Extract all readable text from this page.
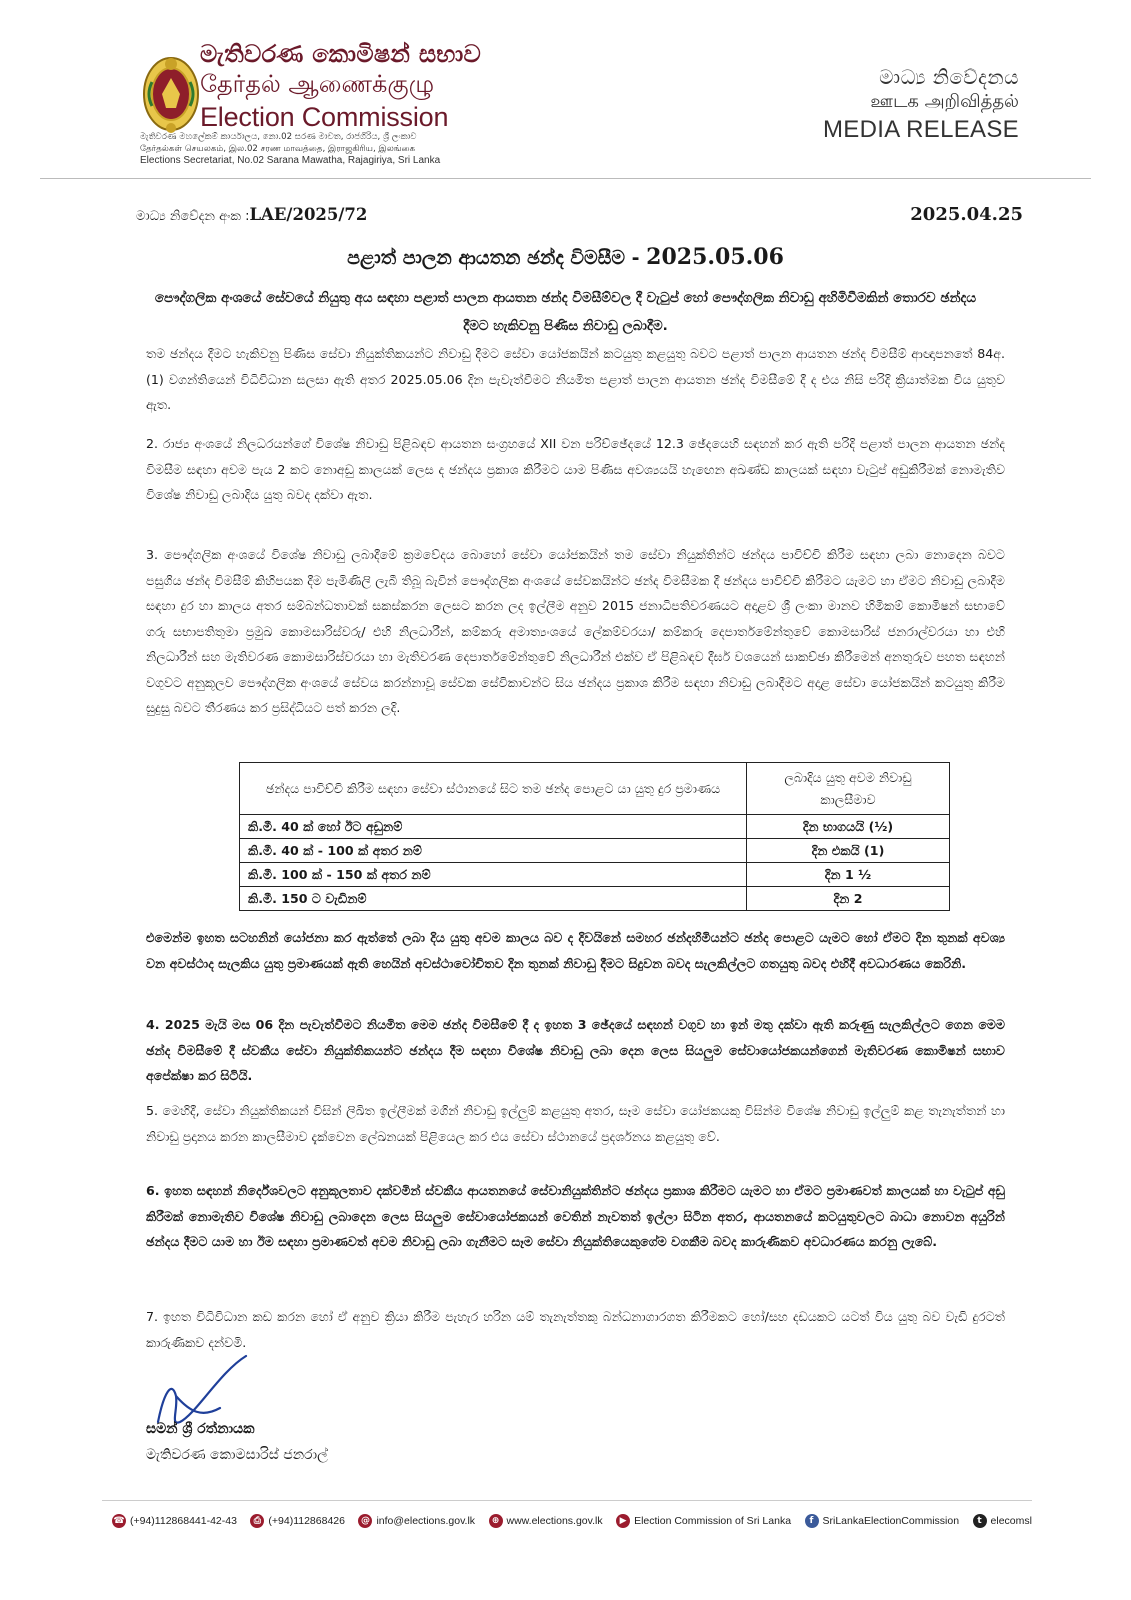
මැතිවරණ කොමිෂන් සභාව
தேர்தல் ஆணைக்குழு
Election Commission
මැතිවරණ මහලේකම් කාර්යාලය, නො.02 සරණ මාවත, රාජගිරිය, ශ්‍රී ලංකාව
தேர்தல்கள் செயலகம், இல.02 சரண மாவத்தை, இராஜகிரிய, இலங்கை
Elections Secretariat, No.02 Sarana Mawatha, Rajagiriya, Sri Lanka
මාධ්‍ය නිවේදනය
ஊடக அறிவித்தல்
MEDIA RELEASE
මාධ්‍ය නිවේදන අංක :LAE/2025/72	2025.04.25
පළාත් පාලන ආයතන ඡන්ද විමසීම - 2025.05.06
පෞද්ගලික අංශයේ සේවයේ නියුතු අය සඳහා පළාත් පාලන ආයතන ඡන්ද විමසීම්වල දී වැටුප් හෝ පෞද්ගලික නිවාඩු අහිමිවීමකින් තොරව ඡන්දය දීමට හැකිවනු පිණිස නිවාඩු ලබාදීම.
තම ඡන්දය දීමට හැකිවනු පිණිස සේවා නියුක්තිකයන්ට නිවාඩු දීමට සේවා යෝජකයින් කටයුතු කළයුතු බවට පළාත් පාලන ආයතන ඡන්ද විමසීම් ආඥාපනතේ 84අ. (1) වගන්තියෙන් විධිවිධාන සලසා ඇති අතර 2025.05.06 දින පැවැත්වීමට නියමිත පළාත් පාලන ආයතන ඡන්ද විමසීමේ දී ද එය නිසි පරිදි ක්‍රියාත්මක විය යුතුව ඇත.
2. රාජ්‍ය අංශයේ නිලධරයන්ගේ විශේෂ නිවාඩු පිළිබඳව ආයතන සංග්‍රහයේ XII වන පරිච්ඡේදයේ 12.3 ඡේදයෙහි සඳහන් කර ඇති පරිදි පළාත් පාලන ආයතන ඡන්ද විමසීම සඳහා අවම පැය 2 කට නොඅඩු කාලයක් ලෙස ද ඡන්දය ප්‍රකාශ කිරීමට යාම පිණිස අවශ්‍යයයි හැඟෙන අඛණ්ඩ කාලයක් සඳහා වැටුප් අඩුකිරීමක් නොමැතිව විශේෂ නිවාඩු ලබාදිය යුතු බවද දක්වා ඇත.
3. පෞද්ගලික අංශයේ විශේෂ නිවාඩු ලබාදීමේ ක්‍රමවේදය බොහෝ සේවා යෝජකයින් තම සේවා නියුක්තින්ට ඡන්දය පාවිච්චි කිරීම සඳහා ලබා නොදෙන බවට පසුගිය ඡන්ද විමසීම් කිහිපයක දීම පැමිණිලි ලැබී තිබූ බැවින් පෞද්ගලික අංශයේ සේවකයින්ට ඡන්ද විමසීමක දී ඡන්දය පාවිච්චි කිරීමට යැමට හා ඒමට නිවාඩු ලබාදීම සඳහා දුර හා කාලය අතර සම්බන්ධතාවක් සකස්කරන ලෙසට කරන ලද ඉල්ලීම අනුව 2015 ජනාධිපතිවරණයට අදාළව ශ්‍රී ලංකා මානව හිමිකම් කොමිෂන් සභාවේ ගරු සභාපතිතුමා ප්‍රමුඛ කොමසාරිස්වරු/ එහි නිලධාරීන්, කම්කරු අමාත්‍යංශයේ ලේකම්වරයා/ කම්කරු දෙපාර්තමේන්තුවේ කොමසාරිස් ජනරාල්වරයා හා එහි නිලධාරීන් සහ මැතිවරණ කොමසාරිස්වරයා හා මැතිවරණ දෙපාර්තමේන්තුවේ නිලධාරීන් එක්ව ඒ පිළිබඳව දීර්ඝ වශයෙන් සාකච්ඡා කිරීමෙන් අනතුරුව පහත සඳහන් වගුවට අනුකූලව පෞද්ගලික අංශයේ සේවය කරන්නාවූ සේවක සේවිකාවන්ට සිය ඡන්දය ප්‍රකාශ කිරීම සඳහා නිවාඩු ලබාදීමට අදාළ සේවා යෝජකයින් කටයුතු කිරීම සුදුසු බවට තීරණය කර ප්‍රසිද්ධියට පත් කරන ලදි.
ඡන්දය පාවිච්චි කිරීම සඳහා සේවා ස්ථානයේ සිට තම ඡන්ද පොළට යා යුතු දුර ප්‍රමාණය	ලබාදිය යුතු අවම නිවාඩු කාලසීමාව
කි.මී. 40 ක් හෝ ඊට අඩුනම්	දින භාගයයි (½)
කි.මී. 40 ක් - 100 ක් අතර නම්	දින එකයි (1)
කි.මී. 100 ක් - 150 ක් අතර නම්	දින 1 ½
කි.මී. 150 ට වැඩිනම්	දින 2
එමෙන්ම ඉහත සටහනින් යෝජනා කර ඇත්තේ ලබා දිය යුතු අවම කාලය බව ද දිවයිනේ සමහර ඡන්දහිමියන්ට ඡන්ද පොළට යැමට හෝ ඒමට දින තුනක් අවශ්‍ය වන අවස්ථාද සැලකිය යුතු ප්‍රමාණයක් ඇති හෙයින් අවස්ථාවෝචිතව දින තුනක් නිවාඩු දීමට සිදුවන බවද සැලකිල්ලට ගතයුතු බවද එහිදී අවධාරණය කෙරිනි.
4. 2025 මැයි මස 06 දින පැවැත්වීමට නියමිත මෙම ඡන්ද විමසීමේ දී ද ඉහත 3 ඡේදයේ සඳහන් වගුව හා ඉන් මතු දක්වා ඇති කරුණු සැලකිල්ලට ගෙන මෙම ඡන්ද විමසීමේ දී ස්වකීය සේවා නියුක්තිකයන්ට ඡන්දය දීම සඳහා විශේෂ නිවාඩු ලබා දෙන ලෙස සියලුම සේවායෝජකයන්ගෙන් මැතිවරණ කොමිෂන් සභාව අපේක්ෂා කර සිටියි.
5. මෙහිදී, සේවා නියුක්තිකයන් විසින් ලිඛිත ඉල්ලීමක් මගින් නිවාඩු ඉල්ලුම් කළයුතු අතර, සෑම සේවා යෝජකයකු විසින්ම විශේෂ නිවාඩු ඉල්ලුම් කළ තැනැත්තන් හා නිවාඩු ප්‍රදානය කරන කාලසීමාව දැක්වෙන ලේඛනයක් පිළියෙල කර එය සේවා ස්ථානයේ ප්‍රදර්ශනය කළයුතු වේ.
6. ඉහත සඳහන් නිර්දේශවලට අනුකූලතාව දක්වමින් ස්වකීය ආයතනයේ සේවානියුක්තින්ට ඡන්දය ප්‍රකාශ කිරීමට යැමට හා ඒමට ප්‍රමාණවත් කාලයක් හා වැටුප් අඩු කිරීමක් නොමැතිව විශේෂ නිවාඩු ලබාදෙන ලෙස සියලුම සේවායෝජකයන් වෙතින් නැවතත් ඉල්ලා සිටින අතර, ආයතනයේ කටයුතුවලට බාධා නොවන අයුරින් ඡන්දය දීමට යාම හා ඊම සඳහා ප්‍රමාණවත් අවම නිවාඩු ලබා ගැනීමට සෑම සේවා නියුක්තියෙකුගේම වගකීම බවද කාරුණිකව අවධාරණය කරනු ලැබේ.
7. ඉහත විධිවිධාන කඩ කරන හෝ ඒ අනුව ක්‍රියා කිරීම පැහැර හරින යම් තැනැත්තකු බන්ධනාගාරගත කිරීමකට හෝ/සහ දඩයකට යටත් විය යුතු බව වැඩි දුරටත් කාරුණිකව දන්වමි.
සමන් ශ්‍රී රත්නායක
මැතිවරණ කොමසාරිස් ජනරාල්
☎ (+94)112868441-42-43	⎙ (+94)112868426 @ info@elections.gov.lk	⊕ www.elections.gov.lk	▶ Election Commission of Sri Lanka	f SriLankaElectionCommission	t elecomsl
